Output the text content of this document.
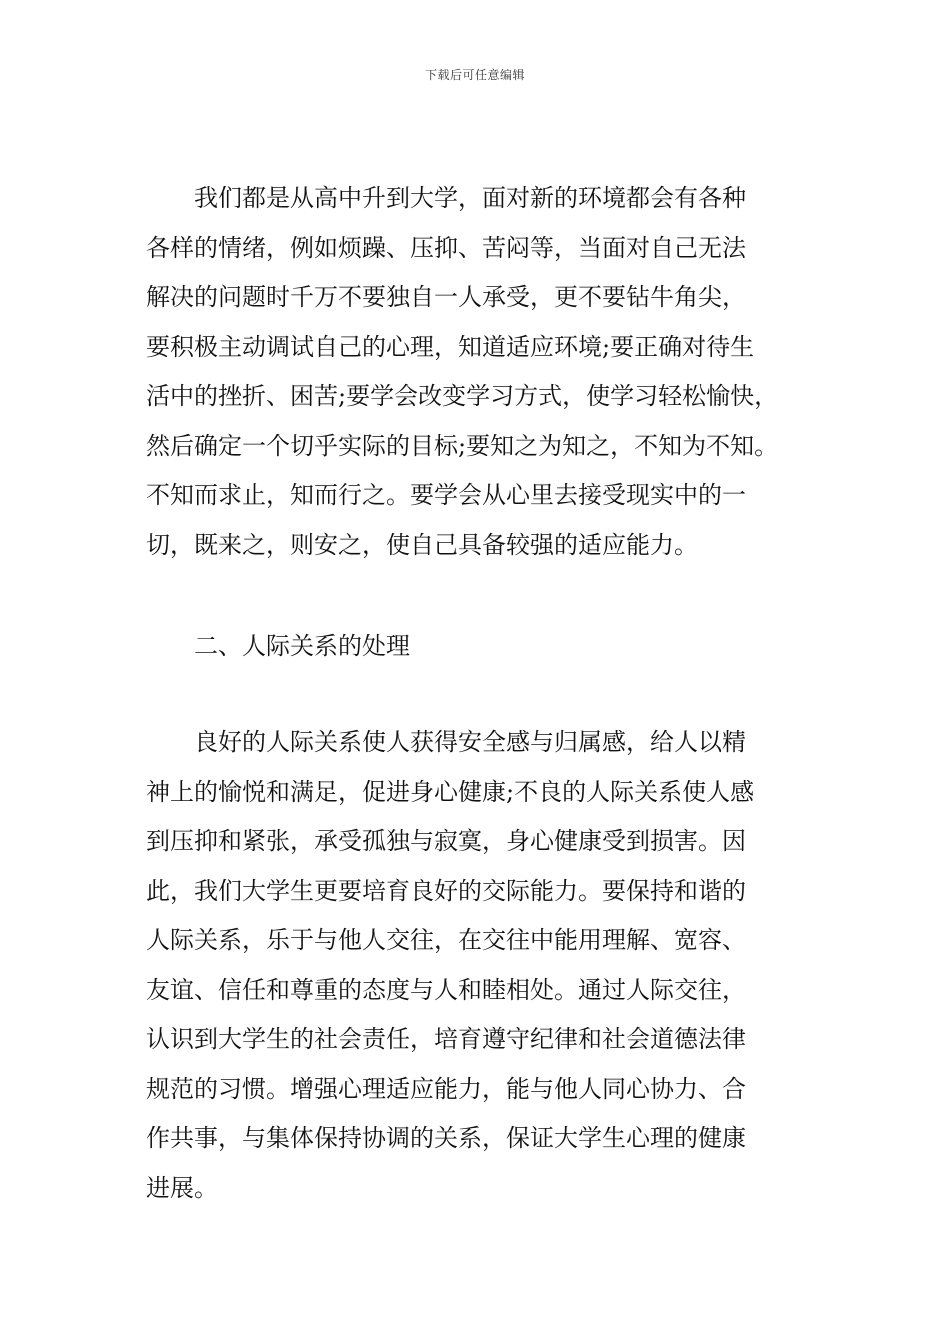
下载后可任意编辑
我们都是从高中升到大学，面对新的环境都会有各种
各样的情绪，例如烦躁、压抑、苦闷等，当面对自己无法
解决的问题时千万不要独自一人承受，更不要钻牛角尖，
要积极主动调试自己的心理，知道适应环境;要正确对待生
活中的挫折、困苦;要学会改变学习方式，使学习轻松愉快，
然后确定一个切乎实际的目标;要知之为知之，不知为不知。
不知而求止，知而行之。要学会从心里去接受现实中的一
切，既来之，则安之，使自己具备较强的适应能力。
二、人际关系的处理
良好的人际关系使人获得安全感与归属感，给人以精
神上的愉悦和满足，促进身心健康;不良的人际关系使人感
到压抑和紧张，承受孤独与寂寞，身心健康受到损害。因
此，我们大学生更要培育良好的交际能力。要保持和谐的
人际关系，乐于与他人交往，在交往中能用理解、宽容、
友谊、信任和尊重的态度与人和睦相处。通过人际交往，
认识到大学生的社会责任，培育遵守纪律和社会道德法律
规范的习惯。增强心理适应能力，能与他人同心协力、合
作共事，与集体保持协调的关系，保证大学生心理的健康
进展。
